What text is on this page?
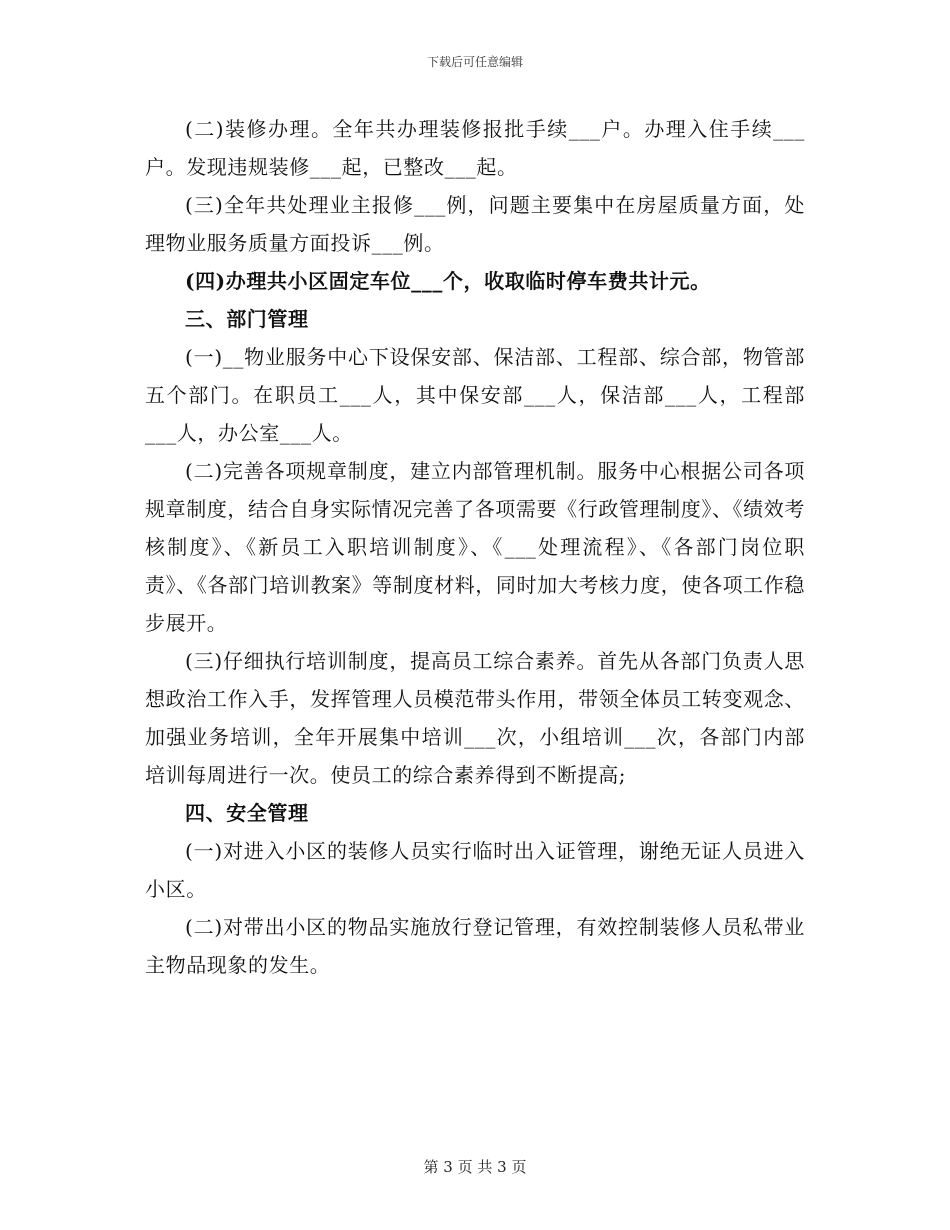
下载后可任意编辑

(二)装修办理。全年共办理装修报批手续___户。办理入住手续___户。发现违规装修___起，已整改___起。

(三)全年共处理业主报修___例，问题主要集中在房屋质量方面，处理物业服务质量方面投诉___例。

(四)办理共小区固定车位___个，收取临时停车费共计元。

三、部门管理

(一)__物业服务中心下设保安部、保洁部、工程部、综合部，物管部五个部门。在职员工___人，其中保安部___人，保洁部___人，工程部___人，办公室___人。

(二)完善各项规章制度，建立内部管理机制。服务中心根据公司各项规章制度，结合自身实际情况完善了各项需要《行政管理制度》、《绩效考核制度》、《新员工入职培训制度》、《___处理流程》、《各部门岗位职责》、《各部门培训教案》等制度材料，同时加大考核力度，使各项工作稳步展开。

(三)仔细执行培训制度，提高员工综合素养。首先从各部门负责人思想政治工作入手，发挥管理人员模范带头作用，带领全体员工转变观念、加强业务培训，全年开展集中培训___次，小组培训___次，各部门内部培训每周进行一次。使员工的综合素养得到不断提高;

四、安全管理

(一)对进入小区的装修人员实行临时出入证管理，谢绝无证人员进入小区。

(二)对带出小区的物品实施放行登记管理，有效控制装修人员私带业主物品现象的发生。

第 3 页 共 3 页
